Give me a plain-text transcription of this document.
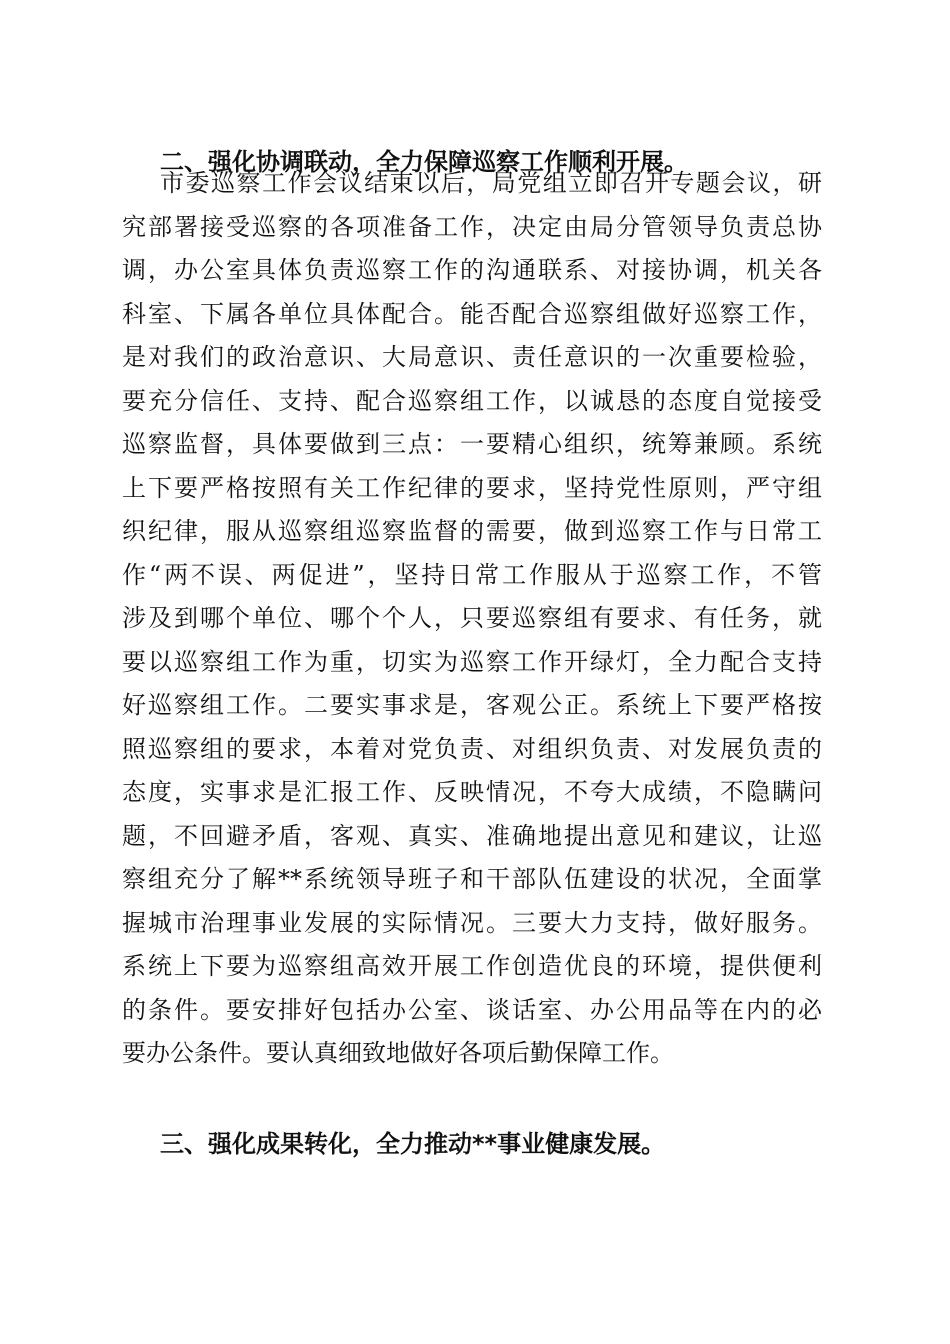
二、强化协调联动，全力保障巡察工作顺利开展。
市委巡察工作会议结束以后，局党组立即召开专题会议，研
究部署接受巡察的各项准备工作，决定由局分管领导负责总协
调，办公室具体负责巡察工作的沟通联系、对接协调，机关各
科室、下属各单位具体配合。能否配合巡察组做好巡察工作，
是对我们的政治意识、大局意识、责任意识的一次重要检验，
要充分信任、支持、配合巡察组工作，以诚恳的态度自觉接受
巡察监督，具体要做到三点：一要精心组织，统筹兼顾。系统
上下要严格按照有关工作纪律的要求，坚持党性原则，严守组
织纪律，服从巡察组巡察监督的需要，做到巡察工作与日常工
作“两不误、两促进”，坚持日常工作服从于巡察工作，不管
涉及到哪个单位、哪个个人，只要巡察组有要求、有任务，就
要以巡察组工作为重，切实为巡察工作开绿灯，全力配合支持
好巡察组工作。二要实事求是，客观公正。系统上下要严格按
照巡察组的要求，本着对党负责、对组织负责、对发展负责的
态度，实事求是汇报工作、反映情况，不夸大成绩，不隐瞒问
题，不回避矛盾，客观、真实、准确地提出意见和建议，让巡
察组充分了解**系统领导班子和干部队伍建设的状况，全面掌
握城市治理事业发展的实际情况。三要大力支持，做好服务。
系统上下要为巡察组高效开展工作创造优良的环境，提供便利
的条件。要安排好包括办公室、谈话室、办公用品等在内的必
要办公条件。要认真细致地做好各项后勤保障工作。
三、强化成果转化，全力推动**事业健康发展。
